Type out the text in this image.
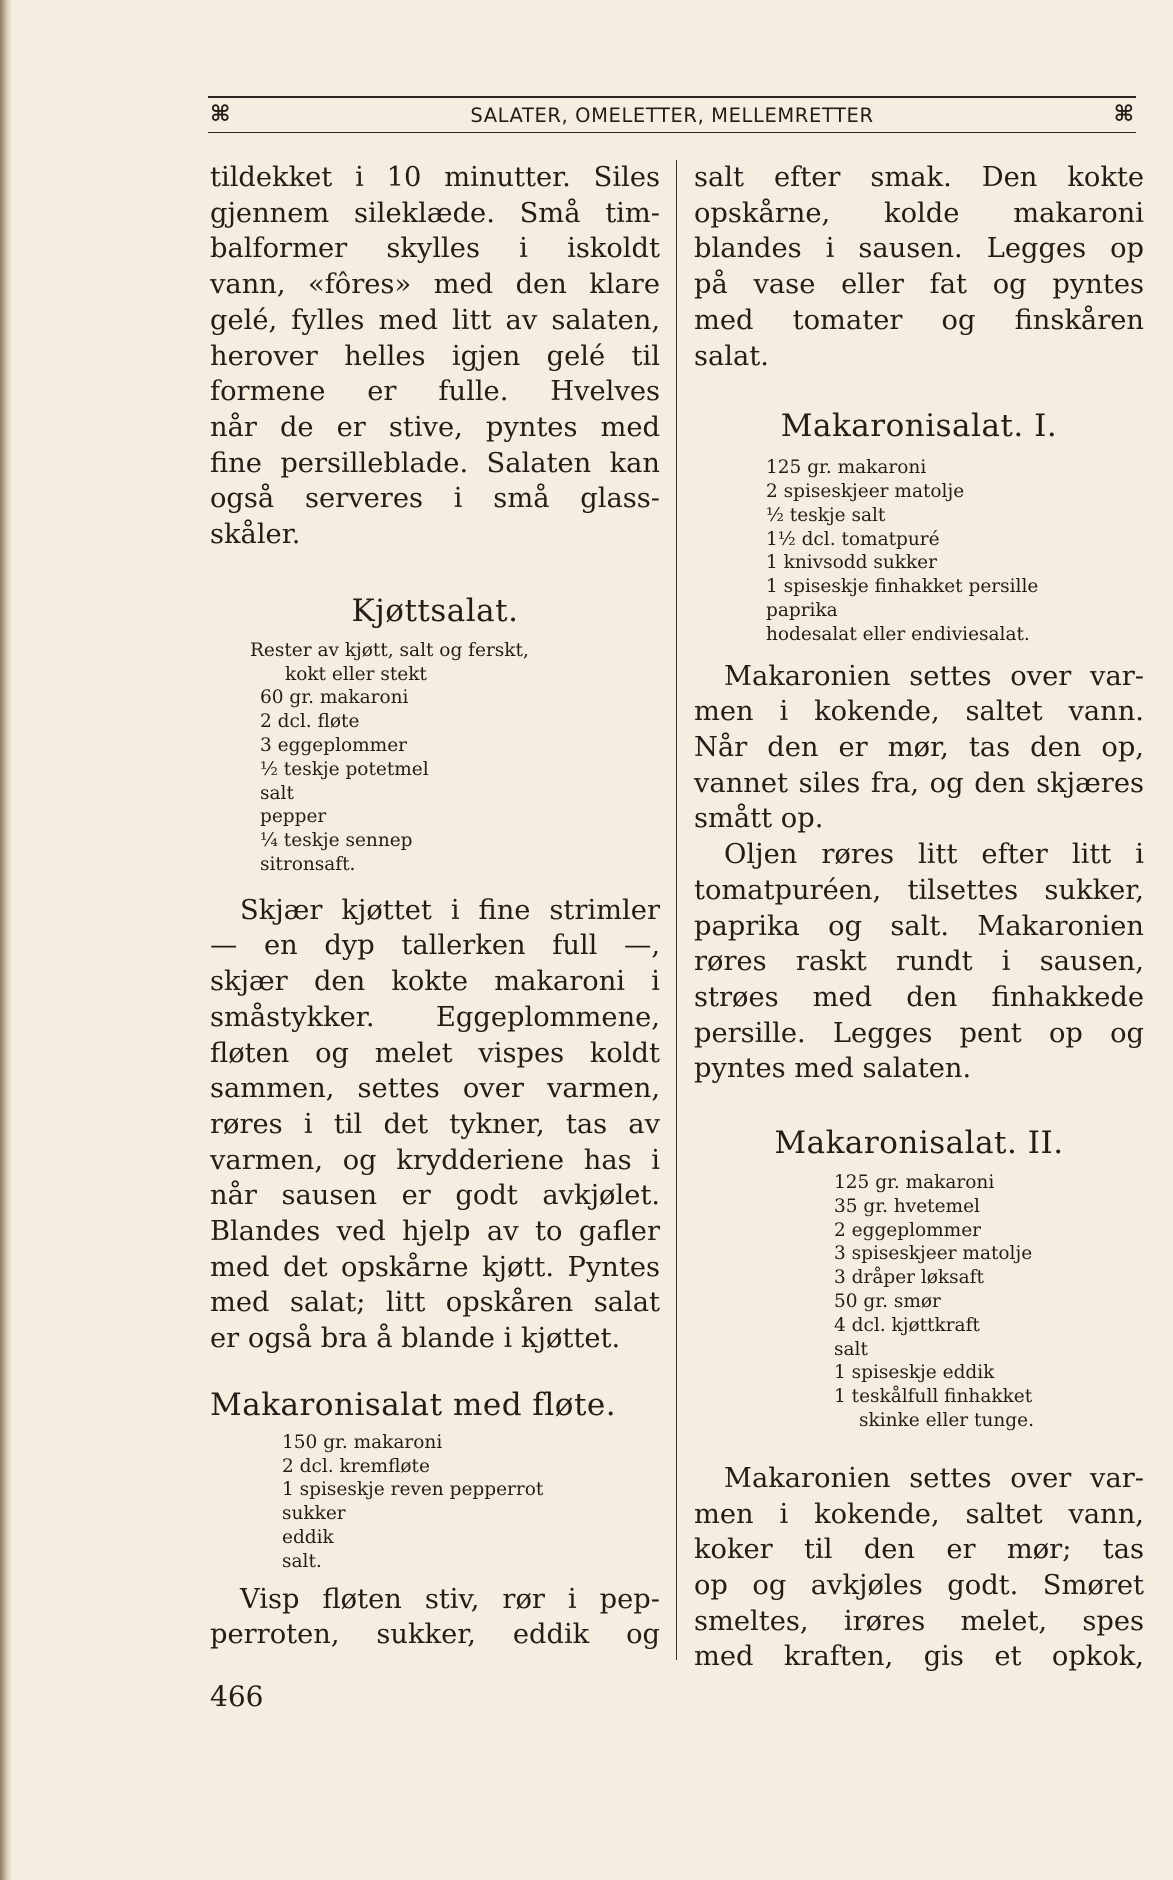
⌘	SALATER, OMELETTER, MELLEMRETTER	⌘

tildekket i 10 minutter. Siles
gjennem sileklæde. Små tim-
balformer skylles i iskoldt
vann, «fôres» med den klare
gelé, fylles med litt av salaten,
herover helles igjen gelé til
formene er fulle. Hvelves
når de er stive, pyntes med
fine persilleblade. Salaten kan
også serveres i små glass-

skåler.

Kjøttsalat.
Rester av kjøtt, salt og ferskt,
kokt eller stekt
60 gr. makaroni
2 dcl. fløte
3 eggeplommer
½ teskje potetmel
salt
pepper
¼ teskje sennep
sitronsaft.

Skjær kjøttet i fine strimler
— en dyp tallerken full —,
skjær den kokte makaroni i
småstykker. Eggeplommene,
fløten og melet vispes koldt
sammen, settes over varmen,
røres i til det tykner, tas av
varmen, og krydderiene has i
når sausen er godt avkjølet.
Blandes ved hjelp av to gafler
med det opskårne kjøtt. Pyntes
med salat; litt opskåren salat

er også bra å blande i kjøttet.

Makaronisalat med fløte.
150 gr. makaroni
2 dcl. kremfløte
1 spiseskje reven pepperrot
sukker
eddik
salt.

Visp fløten stiv, rør i pep-
perroten, sukker, eddik og

466

salt efter smak. Den kokte
opskårne, kolde makaroni
blandes i sausen. Legges op
på vase eller fat og pyntes
med tomater og finskåren

salat.

Makaronisalat. I.
125 gr. makaroni
2 spiseskjeer matolje
½ teskje salt
1½ dcl. tomatpuré
1 knivsodd sukker
1 spiseskje finhakket persille
paprika
hodesalat eller endiviesalat.

Makaronien settes over var-
men i kokende, saltet vann.
Når den er mør, tas den op,
vannet siles fra, og den skjæres

smått op.

Oljen røres litt efter litt i
tomatpuréen, tilsettes sukker,
paprika og salt. Makaronien
røres raskt rundt i sausen,
strøes med den finhakkede
persille. Legges pent op og

pyntes med salaten.

Makaronisalat. II.
125 gr. makaroni
35 gr. hvetemel
2 eggeplommer
3 spiseskjeer matolje
3 dråper løksaft
50 gr. smør
4 dcl. kjøttkraft
salt
1 spiseskje eddik
1 teskålfull finhakket
skinke eller tunge.

Makaronien settes over var-
men i kokende, saltet vann,
koker til den er mør; tas
op og avkjøles godt. Smøret
smeltes, irøres melet, spes
med kraften, gis et opkok,
